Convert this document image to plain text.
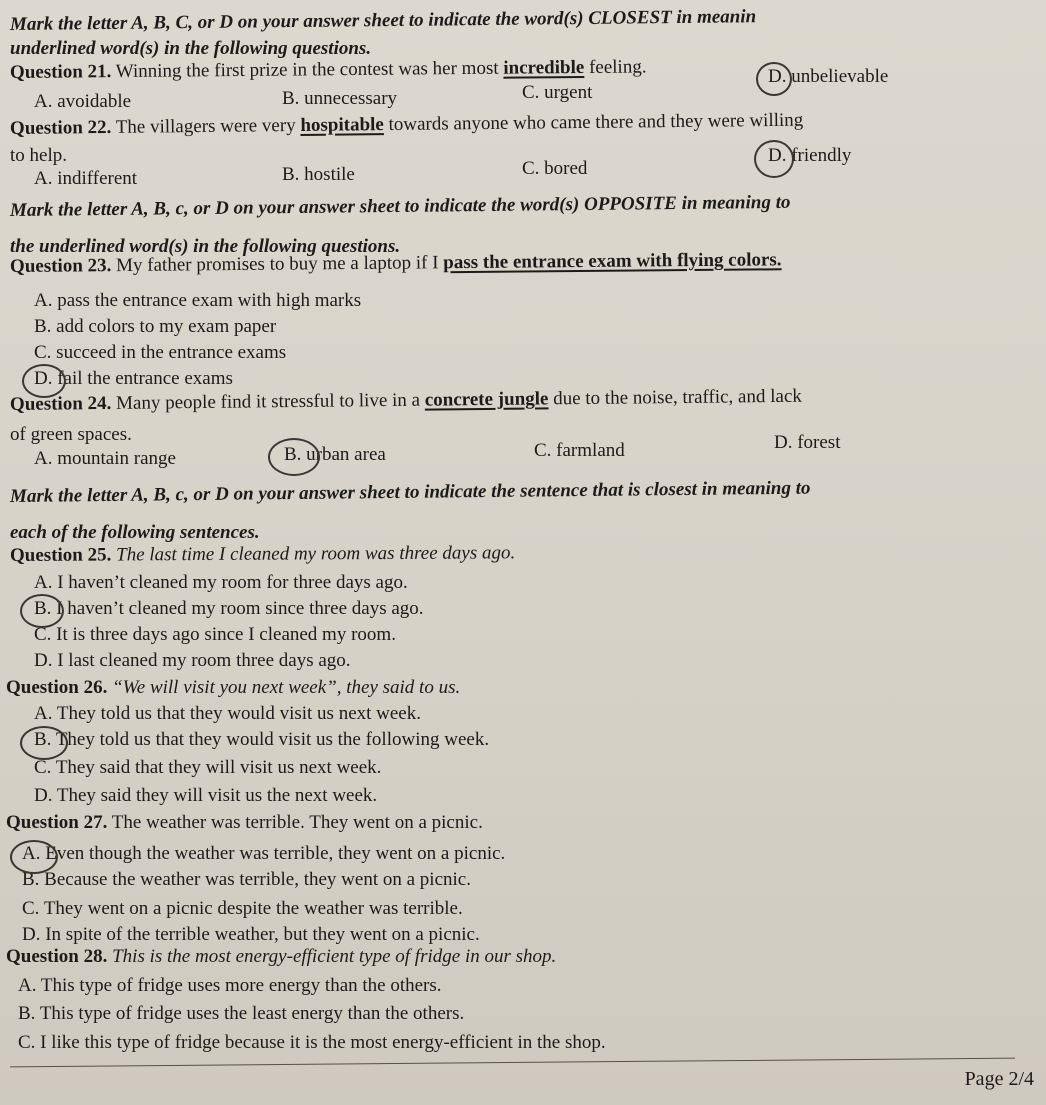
Mark the letter A, B, C, or D on your answer sheet to indicate the word(s) CLOSEST in meanin
underlined word(s) in the following questions.
Question 21. Winning the first prize in the contest was her most incredible feeling.
A. avoidable	B. unnecessary	C. urgent
D. unbelievable
Question 22. The villagers were very hospitable towards anyone who came there and they were willing
to help.
A. indifferent	B. hostile	C. bored
D. friendly
Mark the letter A, B, c, or D on your answer sheet to indicate the word(s) OPPOSITE in meaning to
the underlined word(s) in the following questions.
Question 23. My father promises to buy me a laptop if I pass the entrance exam with flying colors.
A. pass the entrance exam with high marks
B. add colors to my exam paper
C. succeed in the entrance exams
D. fail the entrance exams
Question 24. Many people find it stressful to live in a concrete jungle due to the noise, traffic, and lack
of green spaces.
A. mountain range	B. urban area	C. farmland	D. forest
Mark the letter A, B, c, or D on your answer sheet to indicate the sentence that is closest in meaning to
each of the following sentences.
Question 25. The last time I cleaned my room was three days ago.
A. I haven’t cleaned my room for three days ago.
B. I haven’t cleaned my room since three days ago.
C. It is three days ago since I cleaned my room.
D. I last cleaned my room three days ago.
Question 26. “We will visit you next week”, they said to us.
A. They told us that they would visit us next week.
B. They told us that they would visit us the following week.
C. They said that they will visit us next week.
D. They said they will visit us the next week.
Question 27. The weather was terrible. They went on a picnic.
A. Even though the weather was terrible, they went on a picnic.
B. Because the weather was terrible, they went on a picnic.
C. They went on a picnic despite the weather was terrible.
D. In spite of the terrible weather, but they went on a picnic.
Question 28. This is the most energy-efficient type of fridge in our shop.
A. This type of fridge uses more energy than the others.
B. This type of fridge uses the least energy than the others.
C. I like this type of fridge because it is the most energy-efficient in the shop.
Page 2/4
